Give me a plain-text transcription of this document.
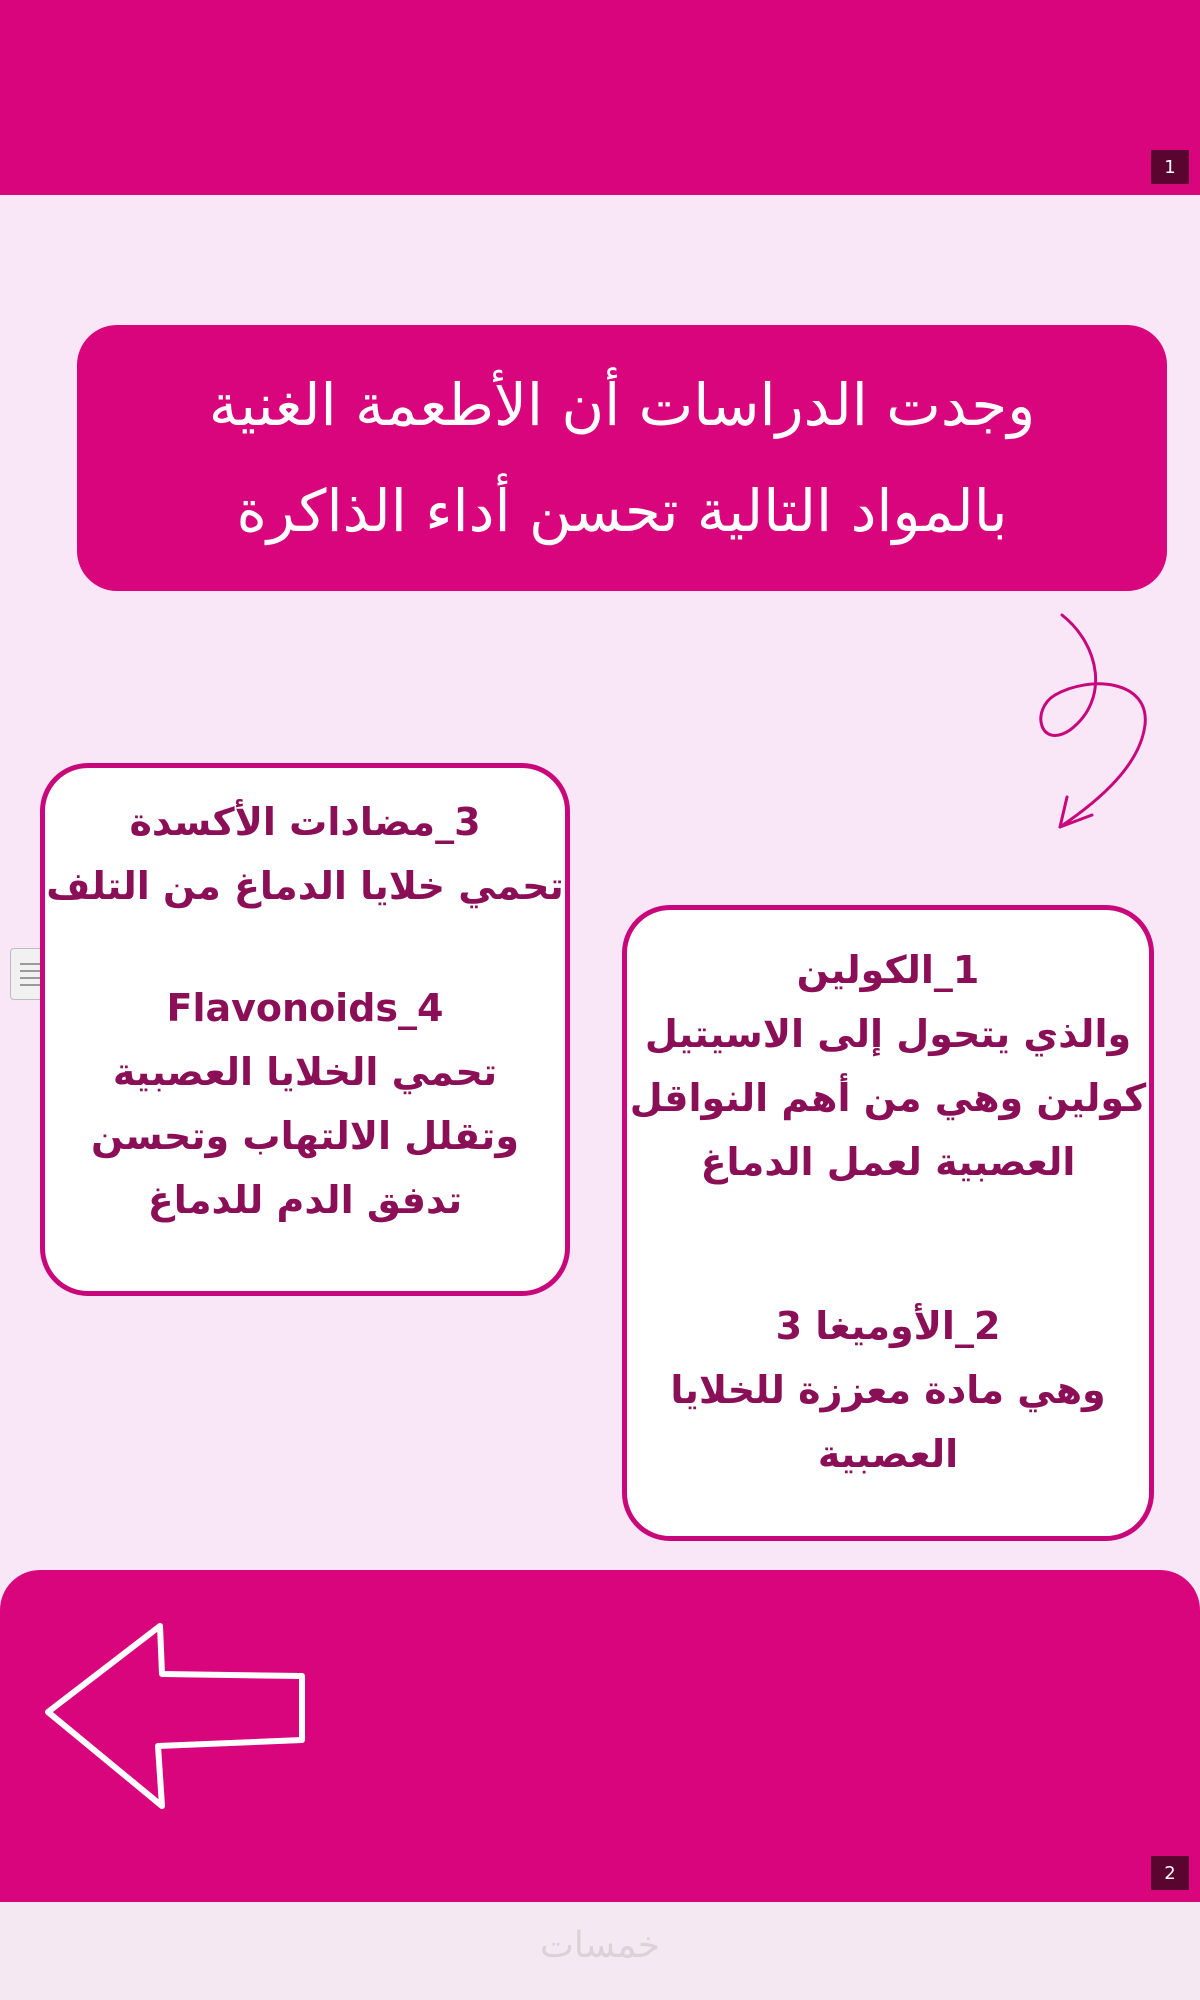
1
وجدت الدراسات أن الأطعمة الغنية
بالمواد التالية تحسن أداء الذاكرة

3_مضادات الأكسدة

تحمي خلايا الدماغ من التلف

4_Flavonoids

تحمي الخلايا العصبية

وتقلل الالتهاب وتحسن

تدفق الدم للدماغ

1_الكولين

والذي يتحول إلى الاسيتيل

كولين وهي من أهم النواقل

العصبية لعمل الدماغ

2_الأوميغا 3

وهي مادة معززة للخلايا

العصبية

2
خمسات
